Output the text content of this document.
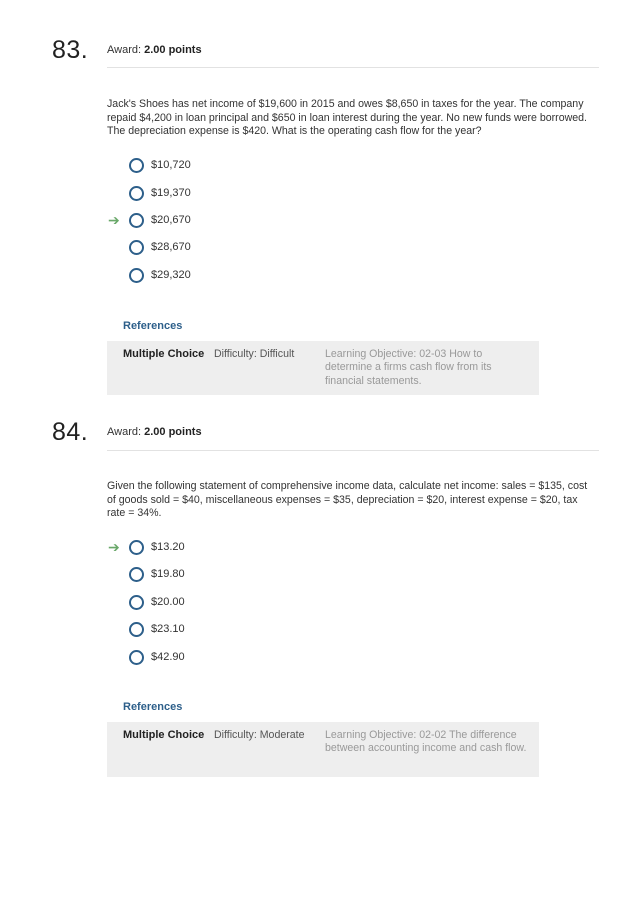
83. Award: 2.00 points
Jack's Shoes has net income of $19,600 in 2015 and owes $8,650 in taxes for the year. The company repaid $4,200 in loan principal and $650 in loan interest during the year. No new funds were borrowed. The depreciation expense is $420. What is the operating cash flow for the year?
$10,720
$19,370
➔	$20,670
$28,670
$29,320
References
Multiple Choice Difficulty: Difficult	Learning Objective: 02-03 How to determine a firms cash flow from its financial statements.
84. Award: 2.00 points
Given the following statement of comprehensive income data, calculate net income: sales = $135, cost of goods sold = $40, miscellaneous expenses = $35, depreciation = $20, interest expense = $20, tax rate = 34%.
➔	$13.20
$19.80
$20.00
$23.10
$42.90
References
Multiple Choice Difficulty: Moderate Learning Objective: 02-02 The difference between accounting income and cash flow.
